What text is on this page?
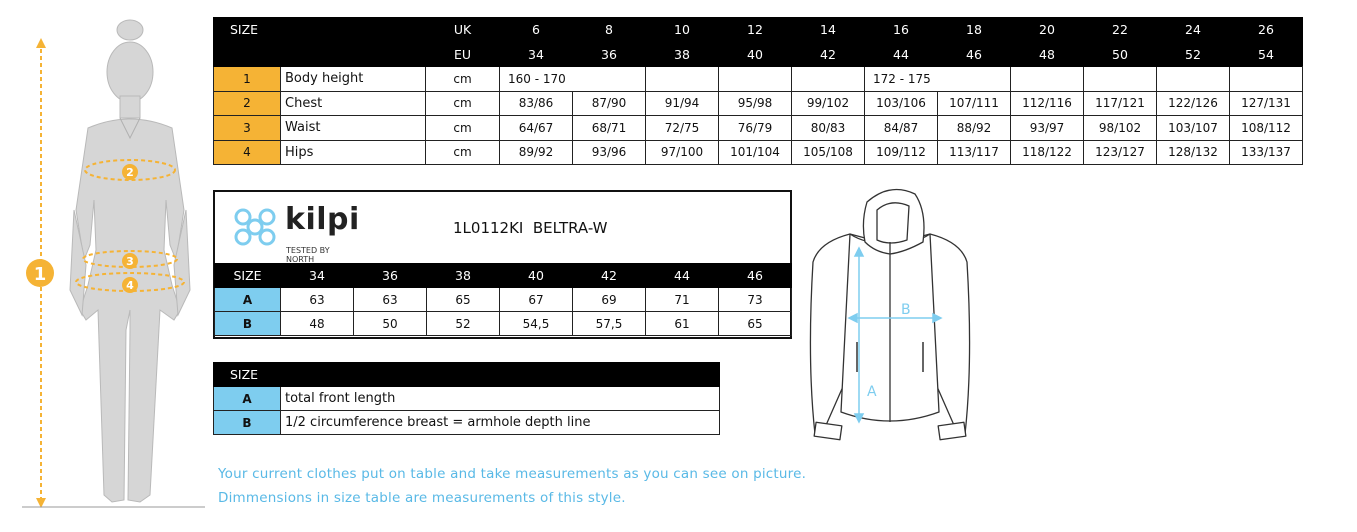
2
3
4
1
SIZE		UK	6	8	10	12	14	16	18	20	22	24	26	
		EU	34	36	38	40	42	44	46	48	50	52	54	
1	Body height	cm	160 - 170					172 - 175						
2	Chest	cm	83/86	87/90	91/94	95/98	99/102	103/106	107/111	112/116	117/121	122/126	127/131	
3	Waist	cm	64/67	68/71	72/75	76/79	80/83	84/87	88/92	93/97	98/102	103/107	108/112	
4	Hips	cm	89/92	93/96	97/100	101/104	105/108	109/112	113/117	118/122	123/127	128/132	133/137	
kilpi
TESTED BY NORTH
1L0112KI BELTRA-W
SIZE	34	36	38	40	42	44	46
A	63	63	65	67	69	71	73
B	48	50	52	54,5	57,5	61	65
SIZE	
A	total front length
B	1/2 circumference breast = armhole depth line
B
A
Your current clothes put on table and take measurements as you can see on picture.
Dimmensions in size table are measurements of this style.
